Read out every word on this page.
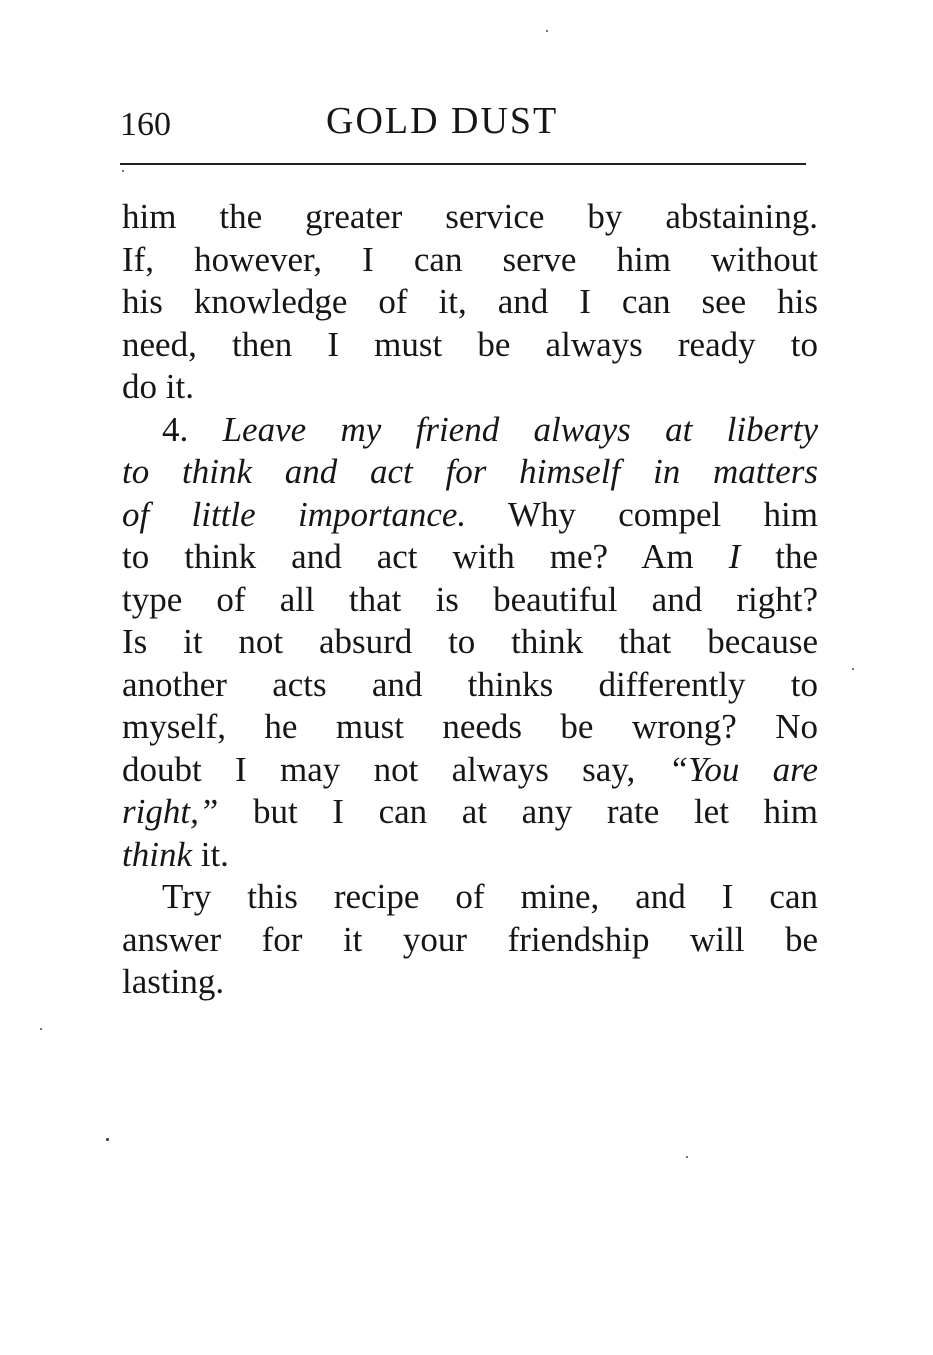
160	GOLD DUST
him the greater service by abstaining.
If, however, I can serve him without
his knowledge of it, and I can see his
need, then I must be always ready to
do it.
4. Leave my friend always at liberty
to think and act for himself in matters
of little importance. Why compel him
to think and act with me? Am I the
type of all that is beautiful and right?
Is it not absurd to think that because
another acts and thinks differently to
myself, he must needs be wrong? No
doubt I may not always say, “You are
right,” but I can at any rate let him
think it.
Try this recipe of mine, and I can
answer for it your friendship will be
lasting.
